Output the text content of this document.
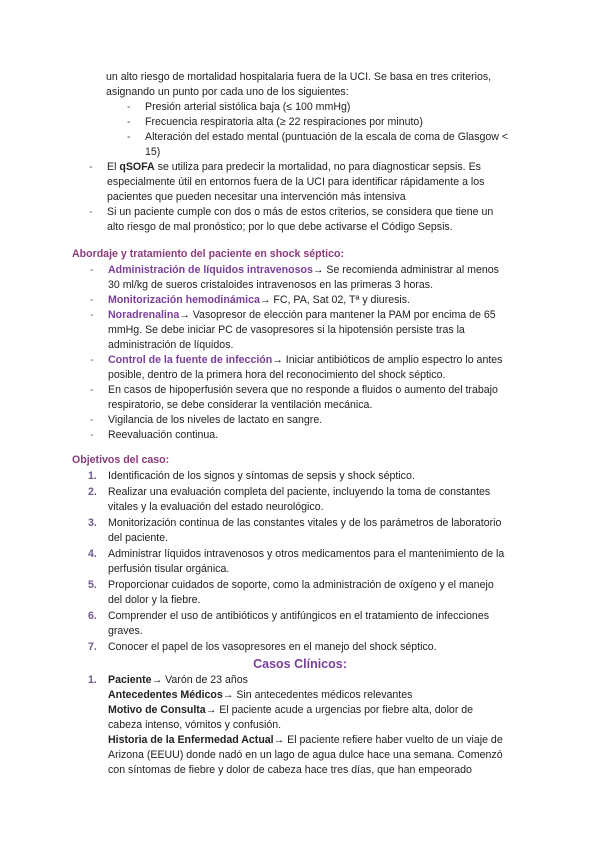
un alto riesgo de mortalidad hospitalaria fuera de la UCI. Se basa en tres criterios,

asignando un punto por cada uno de los siguientes:

- Presión arterial sistólica baja (≤ 100 mmHg)
- Frecuencia respiratoria alta (≥ 22 respiraciones por minuto)
- Alteración del estado mental (puntuación de la escala de coma de Glasgow <
15)
- El qSOFA se utiliza para predecir la mortalidad, no para diagnosticar sepsis. Es

especialmente útil en entornos fuera de la UCI para identificar rápidamente a los

pacientes que pueden necesitar una intervención más intensiva

- Si un paciente cumple con dos o más de estos criterios, se considera que tiene un

alto riesgo de mal pronóstico; por lo que debe activarse el Código Sepsis.

Abordaje y tratamiento del paciente en shock séptico:

- Administración de líquidos intravenosos→ Se recomienda administrar al menos

30 ml/kg de sueros cristaloides intravenosos en las primeras 3 horas.

- Monitorización hemodinámica→ FC, PA, Sat 02, Tª y diuresis.
- Noradrenalina→ Vasopresor de elección para mantener la PAM por encima de 65

mmHg. Se debe iniciar PC de vasopresores si la hipotensión persiste tras la

administración de líquidos.

- Control de la fuente de infección→ Iniciar antibióticos de amplio espectro lo antes

posible, dentro de la primera hora del reconocimiento del shock séptico.

- En casos de hipoperfusión severa que no responde a fluidos o aumento del trabajo

respiratorio, se debe considerar la ventilación mecánica.

- Vigilancia de los niveles de lactato en sangre.
- Reevaluación continua.

Objetivos del caso:

1. Identificación de los signos y síntomas de sepsis y shock séptico.
2. Realizar una evaluación completa del paciente, incluyendo la toma de constantes

vitales y la evaluación del estado neurológico.

3. Monitorización continua de las constantes vitales y de los parámetros de laboratorio

del paciente.

4. Administrar líquidos intravenosos y otros medicamentos para el mantenimiento de la

perfusión tisular orgánica.

5. Proporcionar cuidados de soporte, como la administración de oxígeno y el manejo

del dolor y la fiebre.

6. Comprender el uso de antibióticos y antifúngicos en el tratamiento de infecciones

graves.

7. Conocer el papel de los vasopresores en el manejo del shock séptico.

Casos Clínicos:

1. Paciente→ Varón de 23 años
Antecedentes Médicos→ Sin antecedentes médicos relevantes
Motivo de Consulta→ El paciente acude a urgencias por fiebre alta, dolor de

cabeza intenso, vómitos y confusión.

Historia de la Enfermedad Actual→ El paciente refiere haber vuelto de un viaje de

Arizona (EEUU) donde nadó en un lago de agua dulce hace una semana. Comenzó

con síntomas de fiebre y dolor de cabeza hace tres días, que han empeorado
